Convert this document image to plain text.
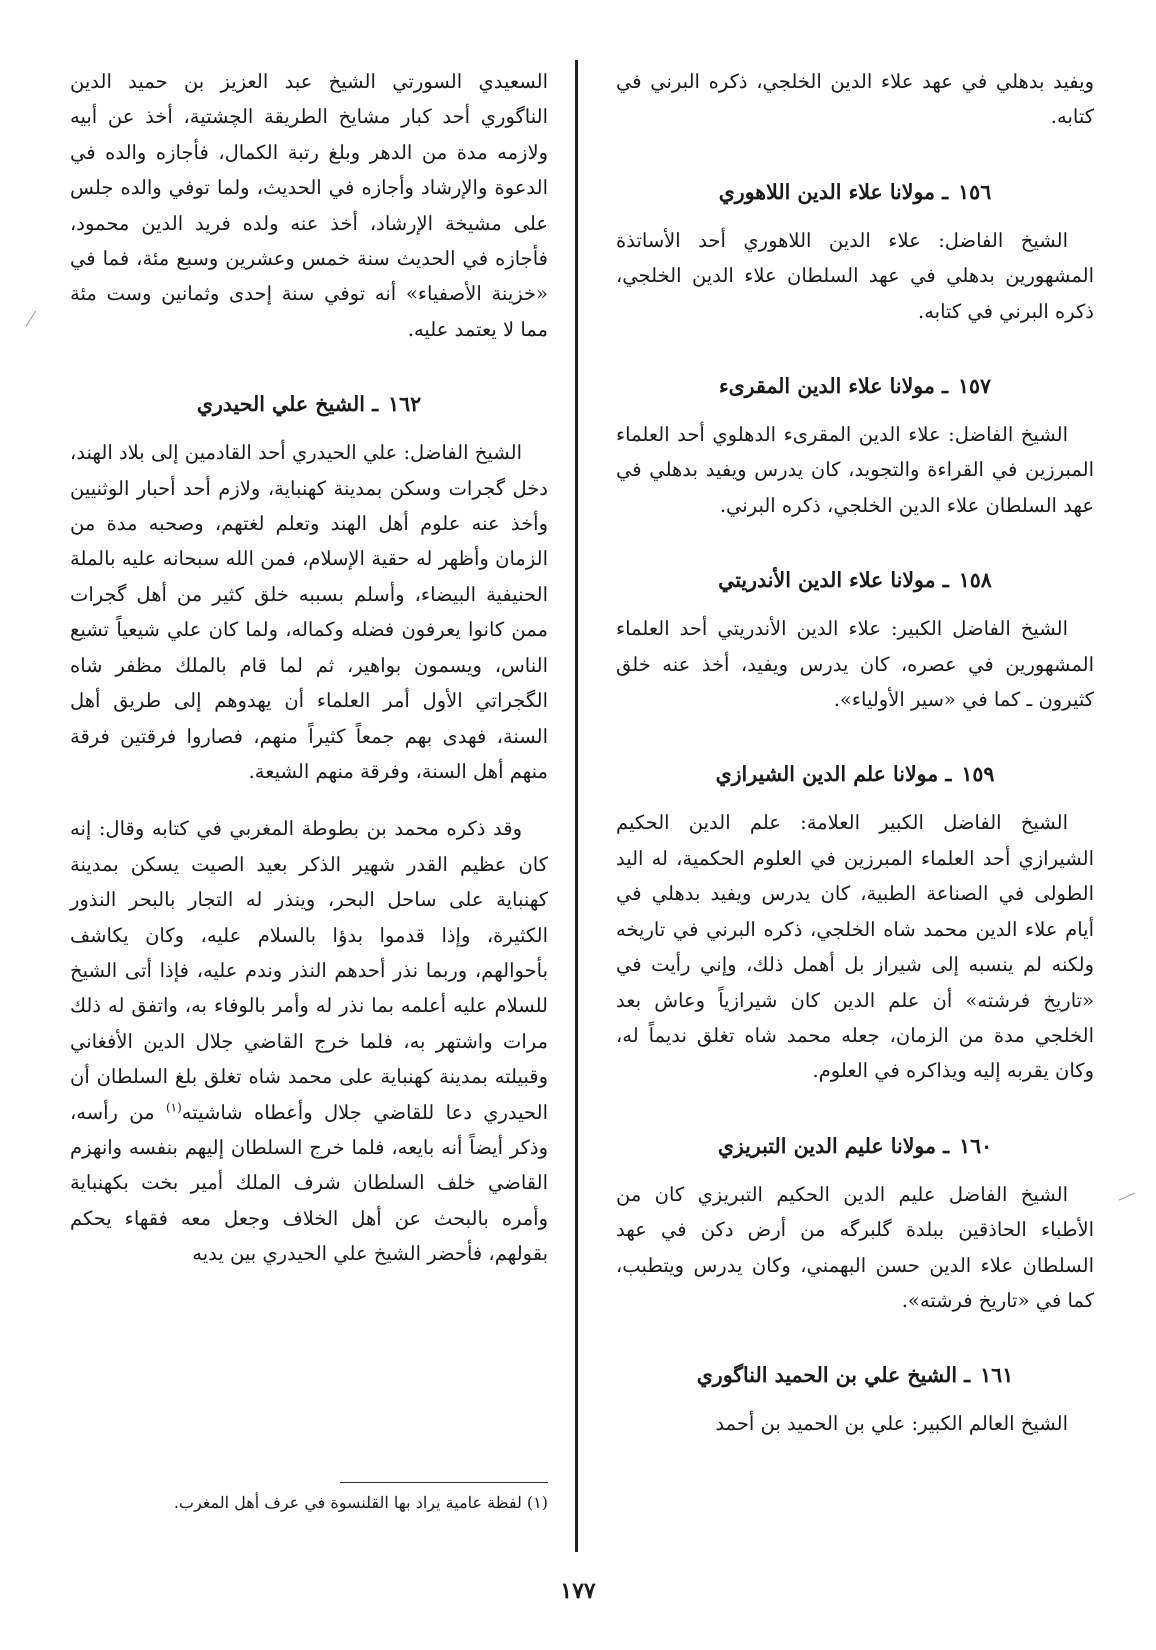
ويفيد بدهلي في عهد علاء الدين الخلجي، ذكره البرني في كتابه.

١٥٦ـ مولانا علاء الدين اللاهوري

الشيخ الفاضل: علاء الدين اللاهوري أحد الأساتذة المشهورين بدهلي في عهد السلطان علاء الدين الخلجي، ذكره البرني في كتابه.

١٥٧ـ مولانا علاء الدين المقرىء

الشيخ الفاضل: علاء الدين المقرىء الدهلوي أحد العلماء المبرزين في القراءة والتجويد، كان يدرس ويفيد بدهلي في عهد السلطان علاء الدين الخلجي، ذكره البرني.

١٥٨ـ مولانا علاء الدين الأندريتي

الشيخ الفاضل الكبير: علاء الدين الأندريتي أحد العلماء المشهورين في عصره، كان يدرس ويفيد، أخذ عنه خلق كثيرون ـ كما في «سير الأولياء».

١٥٩ـ مولانا علم الدين الشيرازي

الشيخ الفاضل الكبير العلامة: علم الدين الحكيم الشيرازي أحد العلماء المبرزين في العلوم الحكمية، له اليد الطولى في الصناعة الطبية، كان يدرس ويفيد بدهلي في أيام علاء الدين محمد شاه الخلجي، ذكره البرني في تاريخه ولكنه لم ينسبه إلى شيراز بل أهمل ذلك، وإني رأيت في «تاريخ فرشته» أن علم الدين كان شيرازياً وعاش بعد الخلجي مدة من الزمان، جعله محمد شاه تغلق نديماً له، وكان يقربه إليه ويذاكره في العلوم.

١٦٠ـ مولانا عليم الدين التبريزي

الشيخ الفاضل عليم الدين الحكيم التبريزي كان من الأطباء الحاذقين ببلدة گلبرگه من أرض دكن في عهد السلطان علاء الدين حسن البهمني، وكان يدرس ويتطبب، كما في «تاريخ فرشته».

١٦١ـ الشيخ علي بن الحميد الناگوري

الشيخ العالم الكبير: علي بن الحميد بن أحمد

السعيدي السورتي الشيخ عبد العزيز بن حميد الدين الناگوري أحد كبار مشايخ الطريقة الچشتية، أخذ عن أبيه ولازمه مدة من الدهر وبلغ رتبة الكمال، فأجازه والده في الدعوة والإرشاد وأجازه في الحديث، ولما توفي والده جلس على مشيخة الإرشاد، أخذ عنه ولده فريد الدين محمود، فأجازه في الحديث سنة خمس وعشرين وسبع مئة، فما في «خزينة الأصفياء» أنه توفي سنة إحدى وثمانين وست مئة مما لا يعتمد عليه.

١٦٢ـ الشيخ علي الحيدري

الشيخ الفاضل: علي الحيدري أحد القادمين إلى بلاد الهند، دخل گجرات وسكن بمدينة كهنباية، ولازم أحد أحبار الوثنيين وأخذ عنه علوم أهل الهند وتعلم لغتهم، وصحبه مدة من الزمان وأظهر له حقية الإسلام، فمن الله سبحانه عليه بالملة الحنيفية البيضاء، وأسلم بسببه خلق كثير من أهل گجرات ممن كانوا يعرفون فضله وكماله، ولما كان علي شيعياً تشيع الناس، ويسمون بواهير، ثم لما قام بالملك مظفر شاه الگجراتي الأول أمر العلماء أن يهدوهم إلى طريق أهل السنة، فهدى بهم جمعاً كثيراً منهم، فصاروا فرقتين فرقة منهم أهل السنة، وفرقة منهم الشيعة.

وقد ذكره محمد بن بطوطة المغربي في كتابه وقال: إنه كان عظيم القدر شهير الذكر بعيد الصيت يسكن بمدينة كهنباية على ساحل البحر، وينذر له التجار بالبحر النذور الكثيرة، وإذا قدموا بدؤا بالسلام عليه، وكان يكاشف بأحوالهم، وربما نذر أحدهم النذر وندم عليه، فإذا أتى الشيخ للسلام عليه أعلمه بما نذر له وأمر بالوفاء به، واتفق له ذلك مرات واشتهر به، فلما خرج القاضي جلال الدين الأفغاني وقبيلته بمدينة كهنباية على محمد شاه تغلق بلغ السلطان أن الحيدري دعا للقاضي جلال وأعطاه شاشيته$^{(١)}$ من رأسه، وذكر أيضاً أنه بايعه، فلما خرج السلطان إليهم بنفسه وانهزم القاضي خلف السلطان شرف الملك أمير بخت بكهنباية وأمره بالبحث عن أهل الخلاف وجعل معه فقهاء يحكم بقولهم، فأحضر الشيخ علي الحيدري بين يديه

(١) لفظة عامية يراد بها القلنسوة في عرف أهل المغرب.
١٧٧
